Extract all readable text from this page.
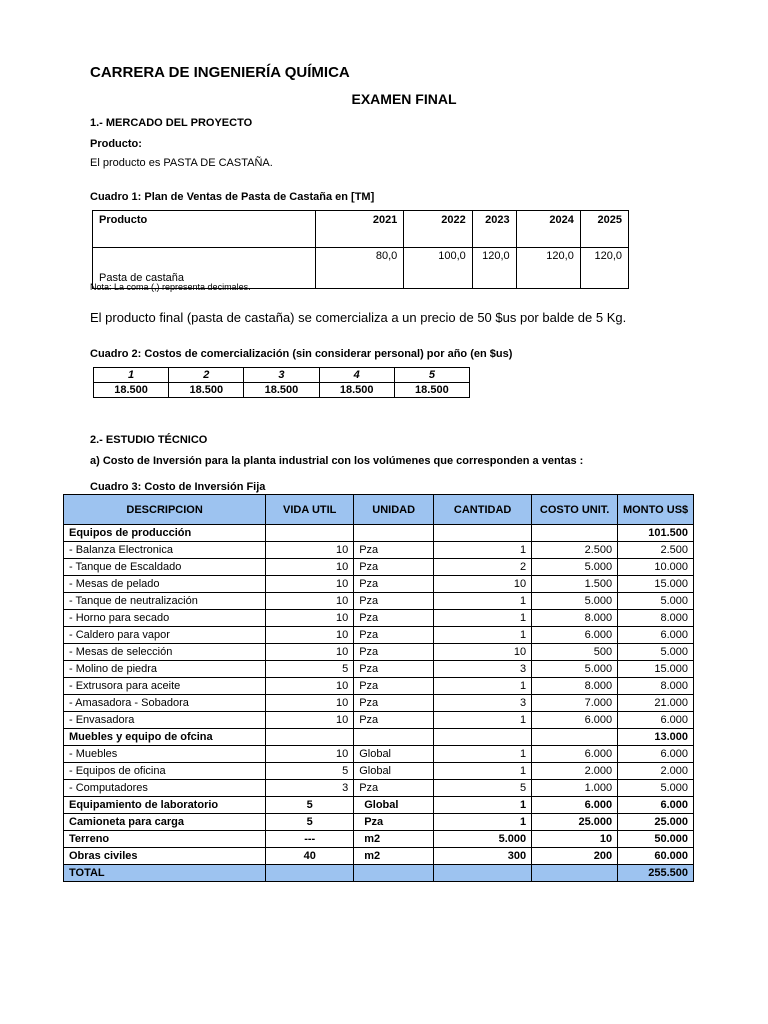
CARRERA DE INGENIERÍA QUÍMICA
EXAMEN FINAL
1.- MERCADO DEL PROYECTO
Producto:
El producto es PASTA DE CASTAÑA.
Cuadro 1: Plan de Ventas de Pasta de Castaña en [TM]
Producto	2021	2022	2023	2024	2025
Pasta de castaña	80,0	100,0	120,0	120,0	120,0
Nota: La coma (,) representa decimales.
El producto final (pasta de castaña) se comercializa a un precio de 50 $us por balde de 5 Kg.
Cuadro 2: Costos de comercialización (sin considerar personal) por año (en $us)
1	2	3	4	5
18.500	18.500	18.500	18.500	18.500
2.- ESTUDIO TÉCNICO
a) Costo de Inversión para la planta industrial con los volúmenes que corresponden a ventas :
Cuadro 3: Costo de Inversión Fija
DESCRIPCION	VIDA UTIL	UNIDAD	CANTIDAD	COSTO UNIT.	MONTO US$
Equipos de producción					101.500
- Balanza Electronica	10	Pza	1	2.500	2.500
- Tanque de Escaldado	10	Pza	2	5.000	10.000
- Mesas de pelado	10	Pza	10	1.500	15.000
- Tanque de neutralización	10	Pza	1	5.000	5.000
- Horno para secado	10	Pza	1	8.000	8.000
- Caldero para vapor	10	Pza	1	6.000	6.000
- Mesas de selección	10	Pza	10	500	5.000
- Molino de piedra	5	Pza	3	5.000	15.000
- Extrusora para aceite	10	Pza	1	8.000	8.000
- Amasadora - Sobadora	10	Pza	3	7.000	21.000
- Envasadora	10	Pza	1	6.000	6.000
Muebles y equipo de ofcina					13.000
- Muebles	10	Global	1	6.000	6.000
- Equipos de oficina	5	Global	1	2.000	2.000
- Computadores	3	Pza	5	1.000	5.000
Equipamiento de laboratorio	5	Global	1	6.000	6.000
Camioneta para carga	5	Pza	1	25.000	25.000
Terreno	---	m2	5.000	10	50.000
Obras civiles	40	m2	300	200	60.000
TOTAL					255.500
